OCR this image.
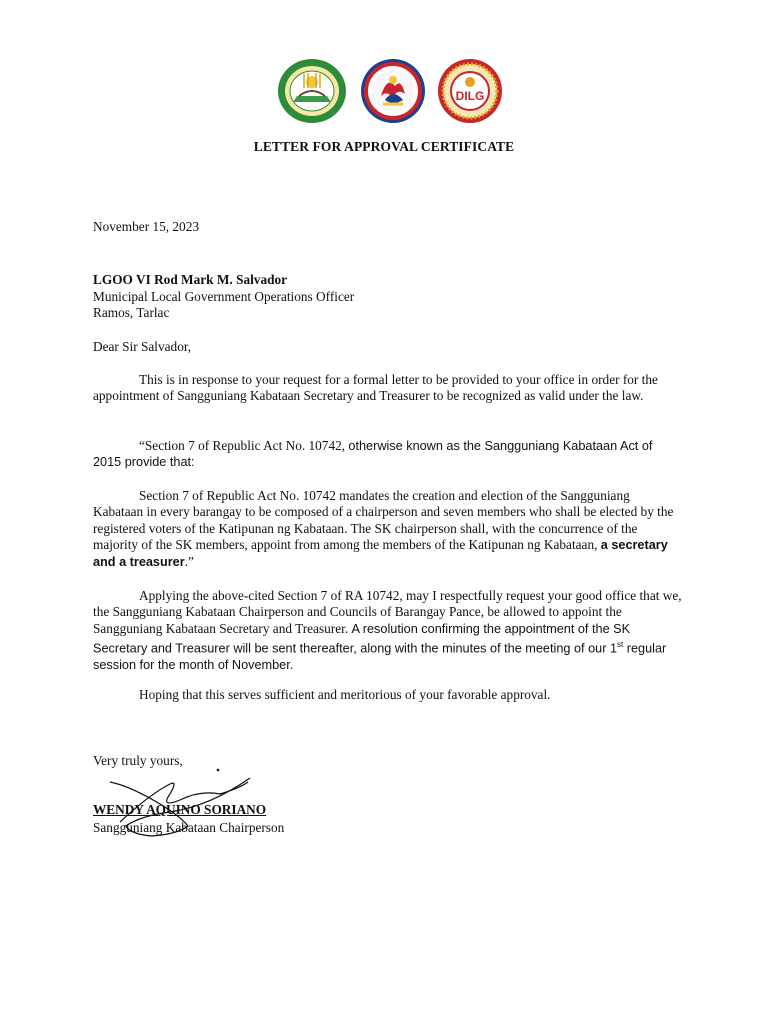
DILG
LETTER FOR APPROVAL CERTIFICATE
November 15, 2023
LGOO VI Rod Mark M. Salvador
Municipal Local Government Operations Officer
Ramos, Tarlac
Dear Sir Salvador,
This is in response to your request for a formal letter to be provided to your office in order for the appointment of Sangguniang Kabataan Secretary and Treasurer to be recognized as valid under the law.
“Section 7 of Republic Act No. 10742, otherwise known as the Sangguniang Kabataan Act of 2015 provide that:
Section 7 of Republic Act No. 10742 mandates the creation and election of the Sangguniang Kabataan in every barangay to be composed of a chairperson and seven members who shall be elected by the registered voters of the Katipunan ng Kabataan. The SK chairperson shall, with the concurrence of the majority of the SK members, appoint from among the members of the Katipunan ng Kabataan, a secretary and a treasurer.”
Applying the above-cited Section 7 of RA 10742, may I respectfully request your good office that we, the Sangguniang Kabataan Chairperson and Councils of Barangay Pance, be allowed to appoint the Sangguniang Kabataan Secretary and Treasurer. A resolution confirming the appointment of the SK Secretary and Treasurer will be sent thereafter, along with the minutes of the meeting of our 1st regular session for the month of November.
Hoping that this serves sufficient and meritorious of your favorable approval.
Very truly yours,
WENDY AQUINO SORIANO
Sangguniang Kabataan Chairperson
